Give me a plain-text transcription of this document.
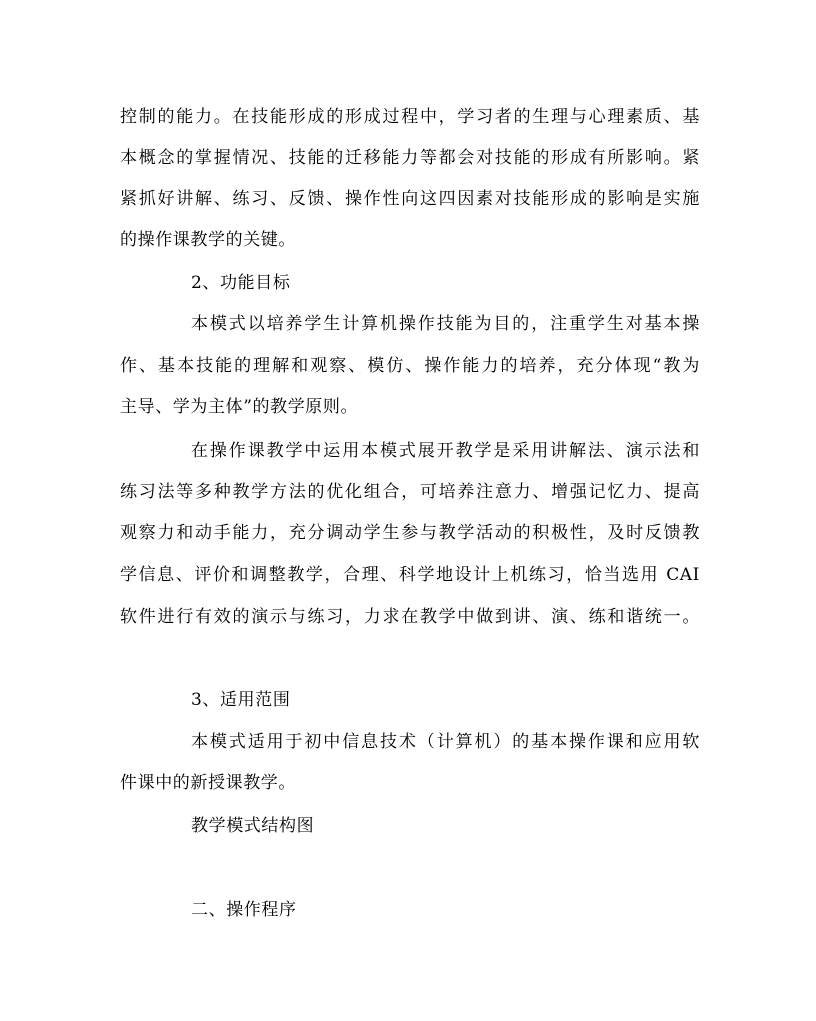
控制的能力。在技能形成的形成过程中，学习者的生理与心理素质、基
本概念的掌握情况、技能的迁移能力等都会对技能的形成有所影响。紧
紧抓好讲解、练习、反馈、操作性向这四因素对技能形成的影响是实施
的操作课教学的关键。
2、功能目标
本模式以培养学生计算机操作技能为目的，注重学生对基本操
作、基本技能的理解和观察、模仿、操作能力的培养，充分体现“教为
主导、学为主体”的教学原则。
在操作课教学中运用本模式展开教学是采用讲解法、演示法和
练习法等多种教学方法的优化组合，可培养注意力、增强记忆力、提高
观察力和动手能力，充分调动学生参与教学活动的积极性，及时反馈教
学信息、评价和调整教学，合理、科学地设计上机练习，恰当选用 CAI
软件进行有效的演示与练习，力求在教学中做到讲、演、练和谐统一。
3、适用范围
本模式适用于初中信息技术（计算机）的基本操作课和应用软
件课中的新授课教学。
教学模式结构图
二、操作程序
